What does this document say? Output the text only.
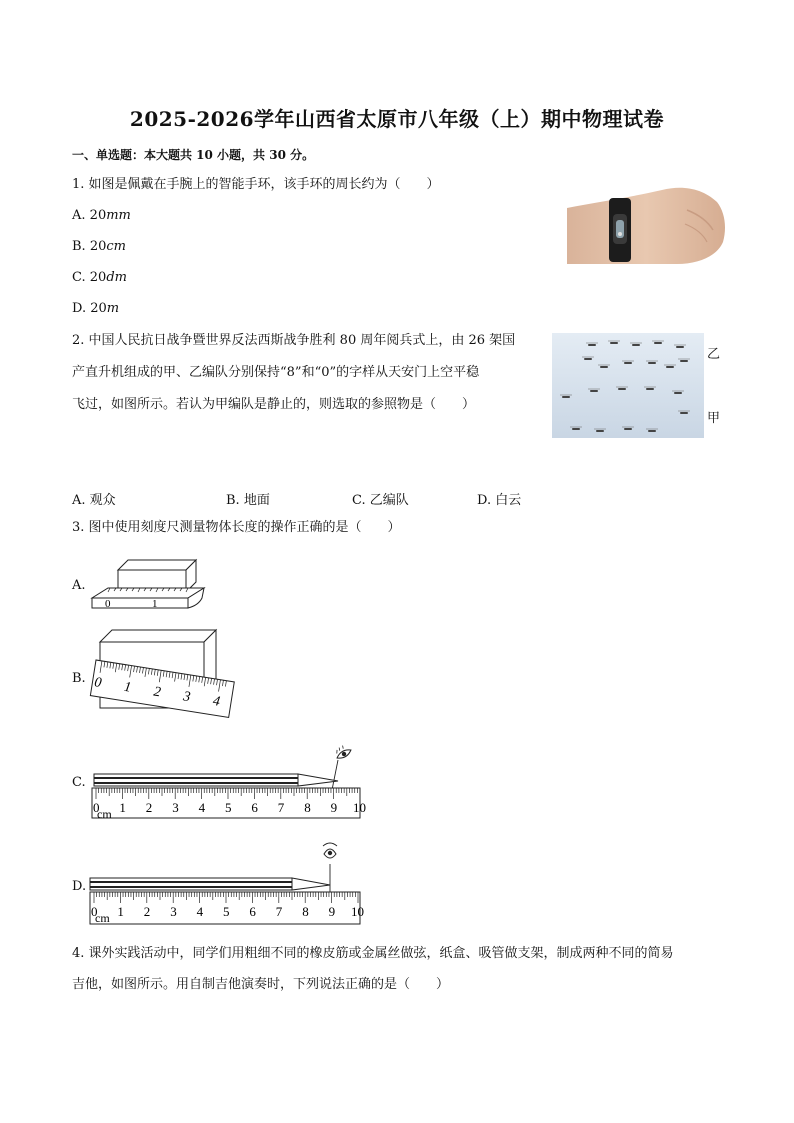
2025-2026学年山西省太原市八年级（上）期中物理试卷
一、单选题：本大题共 10 小题，共 30 分。
1. 如图是佩戴在手腕上的智能手环，该手环的周长约为（　　）
A. 20mm
B. 20cm
C. 20dm
D. 20m
2. 中国人民抗日战争暨世界反法西斯战争胜利 80 周年阅兵式上，由 26 架国
产直升机组成的甲、乙编队分别保持“8”和“0”的字样从天安门上空平稳
飞过，如图所示。若认为甲编队是静止的，则选取的参照物是（　　）
乙
甲
A. 观众	B. 地面	C. 乙编队	D. 白云
3. 图中使用刻度尺测量物体长度的操作正确的是（　　）
A.
0	1
B. 0 1 2 3 4
C.
0 1 2 3 4 5 6 7 8 9 10
cm
D.
0 1 2 3 4 5 6 7 8 9 10
cm
4. 课外实践活动中，同学们用粗细不同的橡皮筋或金属丝做弦，纸盒、吸管做支架，制成两种不同的简易
吉他，如图所示。用自制吉他演奏时，下列说法正确的是（　　）
